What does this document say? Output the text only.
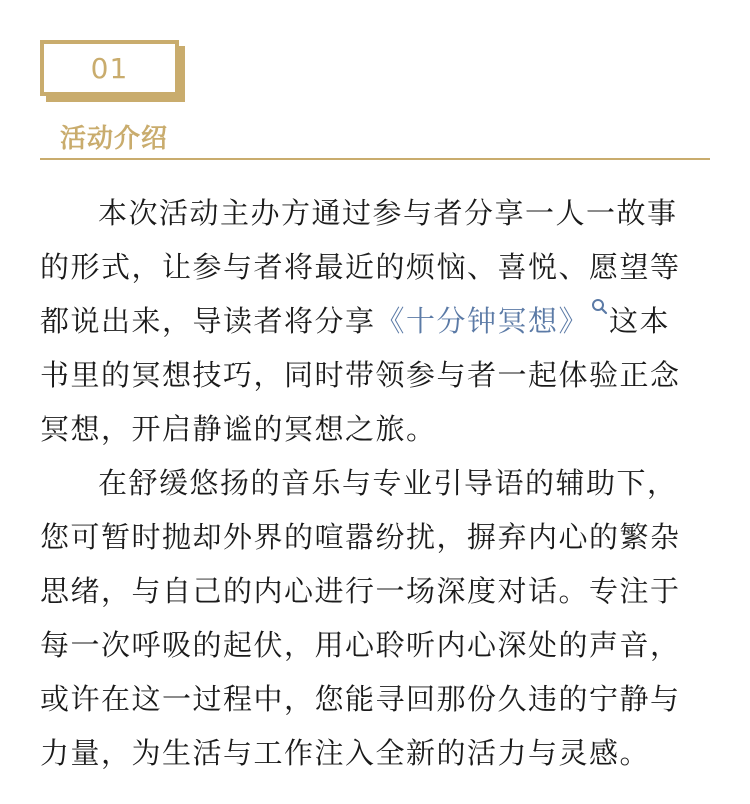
01
活动介绍

本次活动主办方通过参与者分享一人一故事的形式，让参与者将最近的烦恼、喜悦、愿望等都说出来，导读者将分享《十分钟冥想》 这本书里的冥想技巧，同时带领参与者一起体验正念冥想，开启静谧的冥想之旅。

在舒缓悠扬的音乐与专业引导语的辅助下，您可暂时抛却外界的喧嚣纷扰，摒弃内心的繁杂思绪，与自己的内心进行一场深度对话。专注于每一次呼吸的起伏，用心聆听内心深处的声音，或许在这一过程中，您能寻回那份久违的宁静与力量，为生活与工作注入全新的活力与灵感。
